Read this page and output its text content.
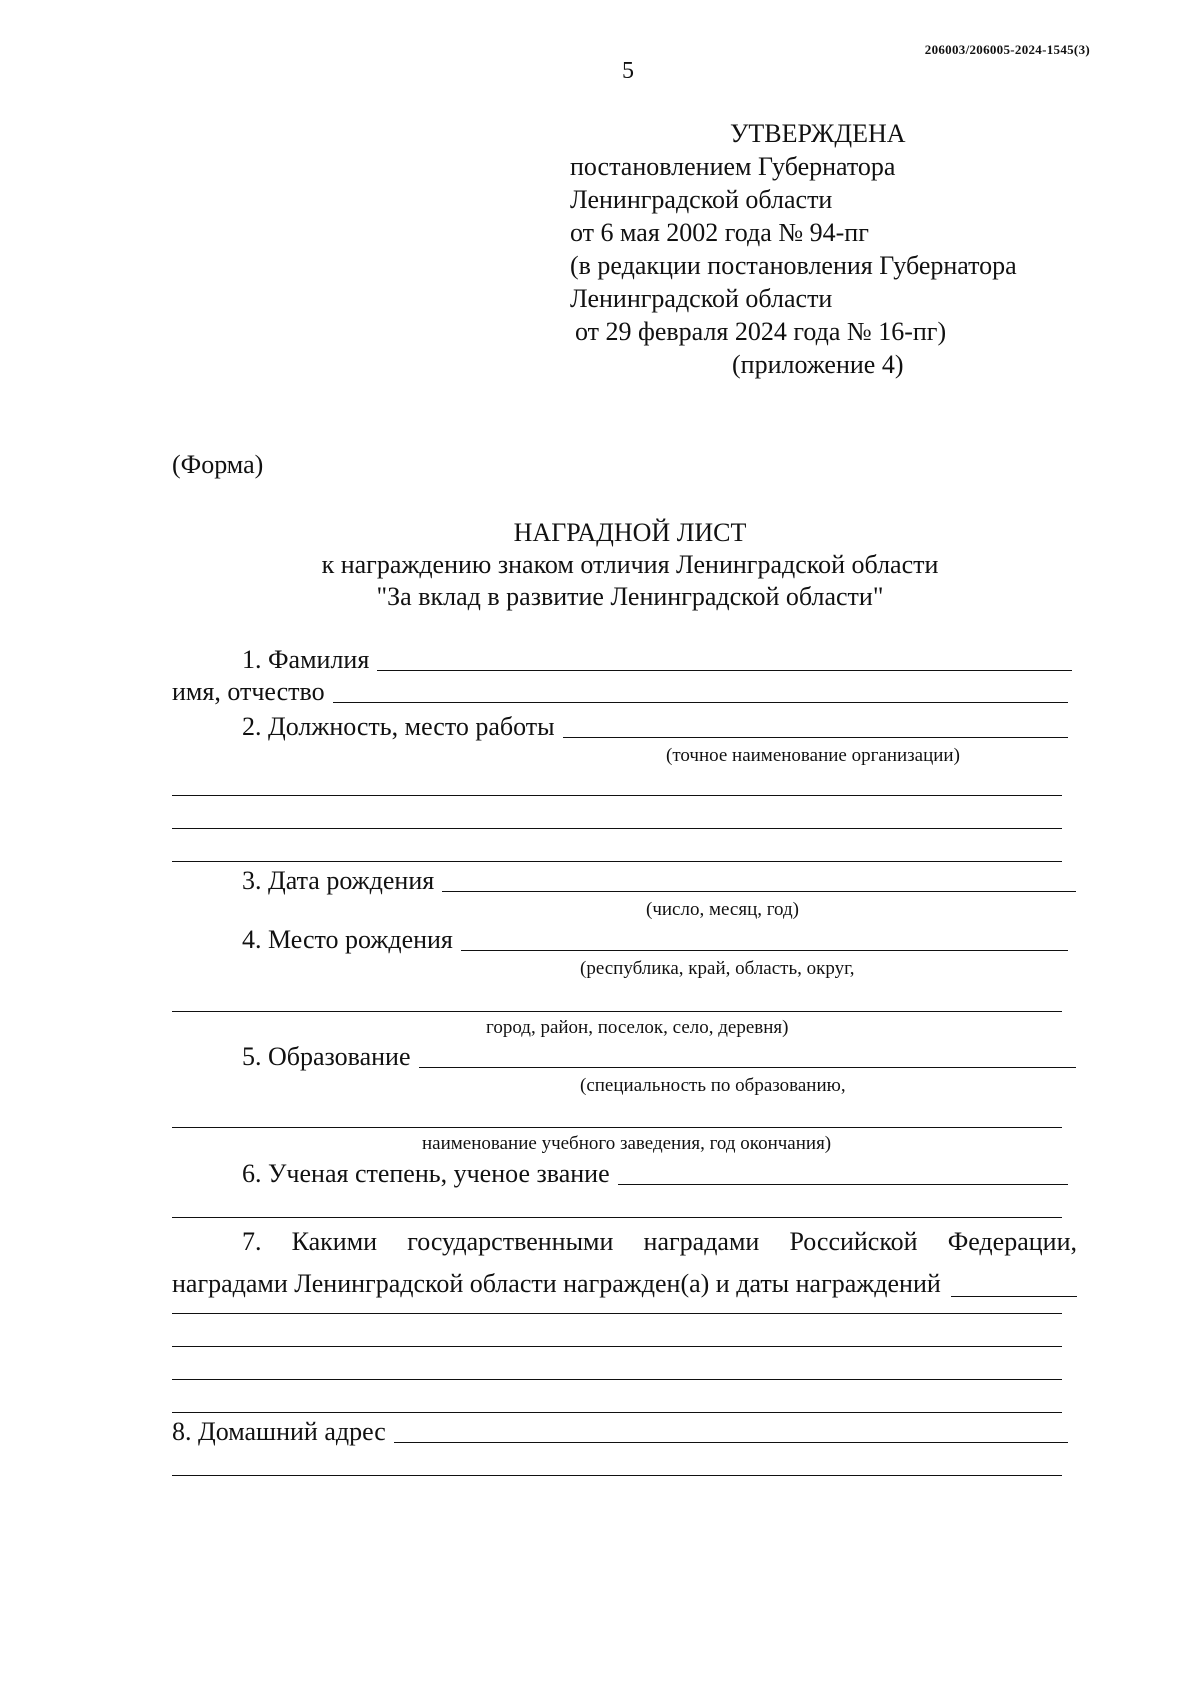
206003/206005-2024-1545(3)
5
УТВЕРЖДЕНА
постановлением Губернатора
Ленинградской области
от 6 мая 2002 года № 94-пг
(в редакции постановления Губернатора
Ленинградской области
от 29 февраля 2024 года № 16-пг)
(приложение 4)
(Форма)
НАГРАДНОЙ ЛИСТ
к награждению знаком отличия Ленинградской области
"За вклад в развитие Ленинградской области"
1. Фамилия
имя, отчество
2. Должность, место работы
(точное наименование организации)
3. Дата рождения
(число, месяц, год)
4. Место рождения
(республика, край, область, округ,
город, район, поселок, село, деревня)
5. Образование
(специальность по образованию,
наименование учебного заведения, год окончания)
6. Ученая степень, ученое звание
7. Какими государственными наградами Российской Федерации,
наградами Ленинградской области награжден(а) и даты награждений
8. Домашний адрес
